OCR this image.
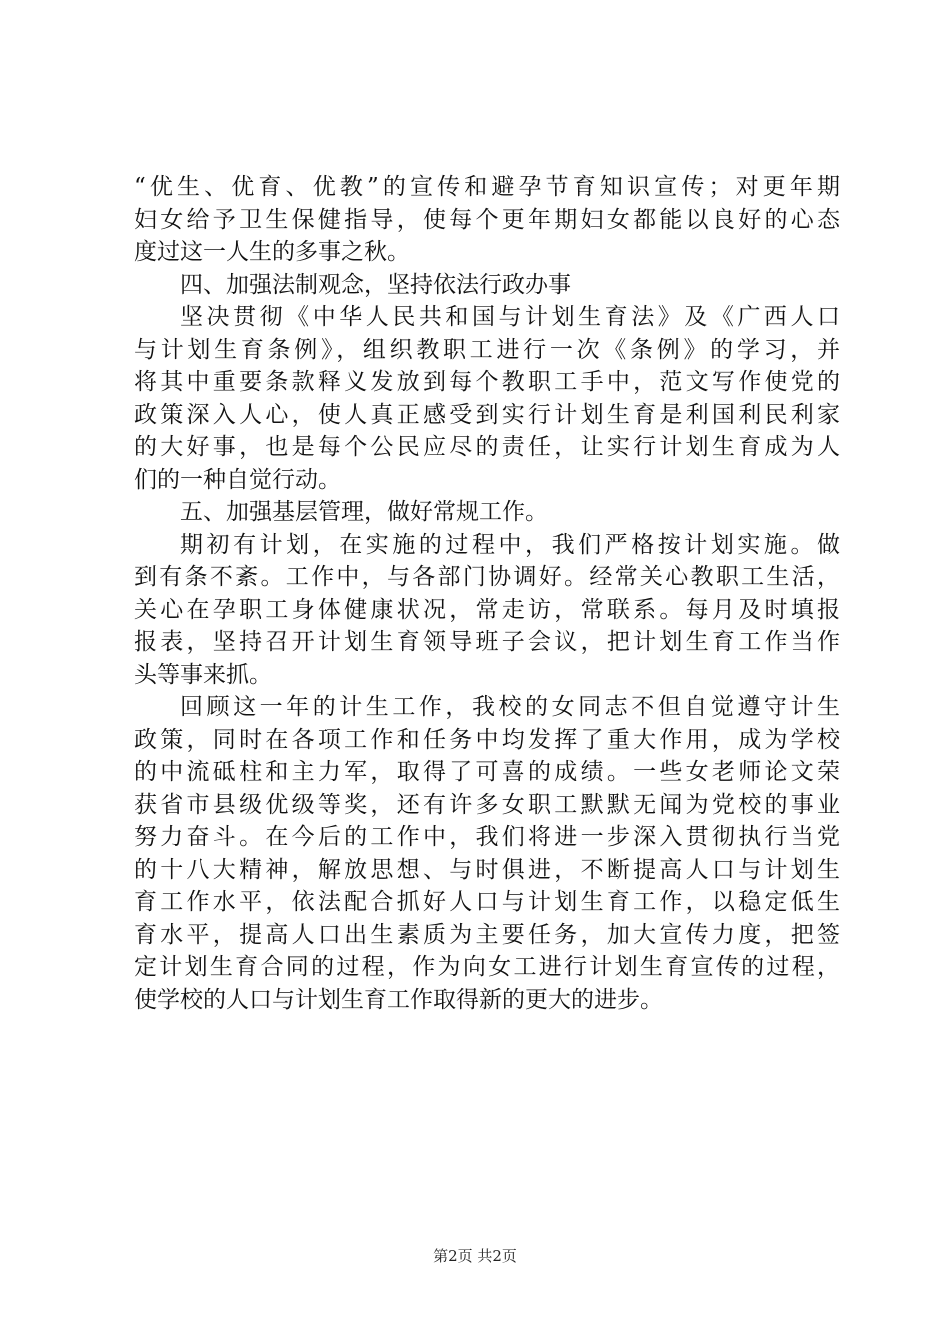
“优生、优育、优教”的宣传和避孕节育知识宣传；对更年期
妇女给予卫生保健指导，使每个更年期妇女都能以良好的心态
度过这一人生的多事之秋。
四、加强法制观念，坚持依法行政办事
坚决贯彻《中华人民共和国与计划生育法》及《广西人口
与计划生育条例》，组织教职工进行一次《条例》的学习，并
将其中重要条款释义发放到每个教职工手中，范文写作使党的
政策深入人心，使人真正感受到实行计划生育是利国利民利家
的大好事，也是每个公民应尽的责任，让实行计划生育成为人
们的一种自觉行动。
五、加强基层管理，做好常规工作。
期初有计划，在实施的过程中，我们严格按计划实施。做
到有条不紊。工作中，与各部门协调好。经常关心教职工生活，
关心在孕职工身体健康状况，常走访，常联系。每月及时填报
报表，坚持召开计划生育领导班子会议，把计划生育工作当作
头等事来抓。
回顾这一年的计生工作，我校的女同志不但自觉遵守计生
政策，同时在各项工作和任务中均发挥了重大作用，成为学校
的中流砥柱和主力军，取得了可喜的成绩。一些女老师论文荣
获省市县级优级等奖，还有许多女职工默默无闻为党校的事业
努力奋斗。在今后的工作中，我们将进一步深入贯彻执行当党
的十八大精神，解放思想、与时俱进，不断提高人口与计划生
育工作水平，依法配合抓好人口与计划生育工作，以稳定低生
育水平，提高人口出生素质为主要任务，加大宣传力度，把签
定计划生育合同的过程，作为向女工进行计划生育宣传的过程，
使学校的人口与计划生育工作取得新的更大的进步。
第2页 共2页
